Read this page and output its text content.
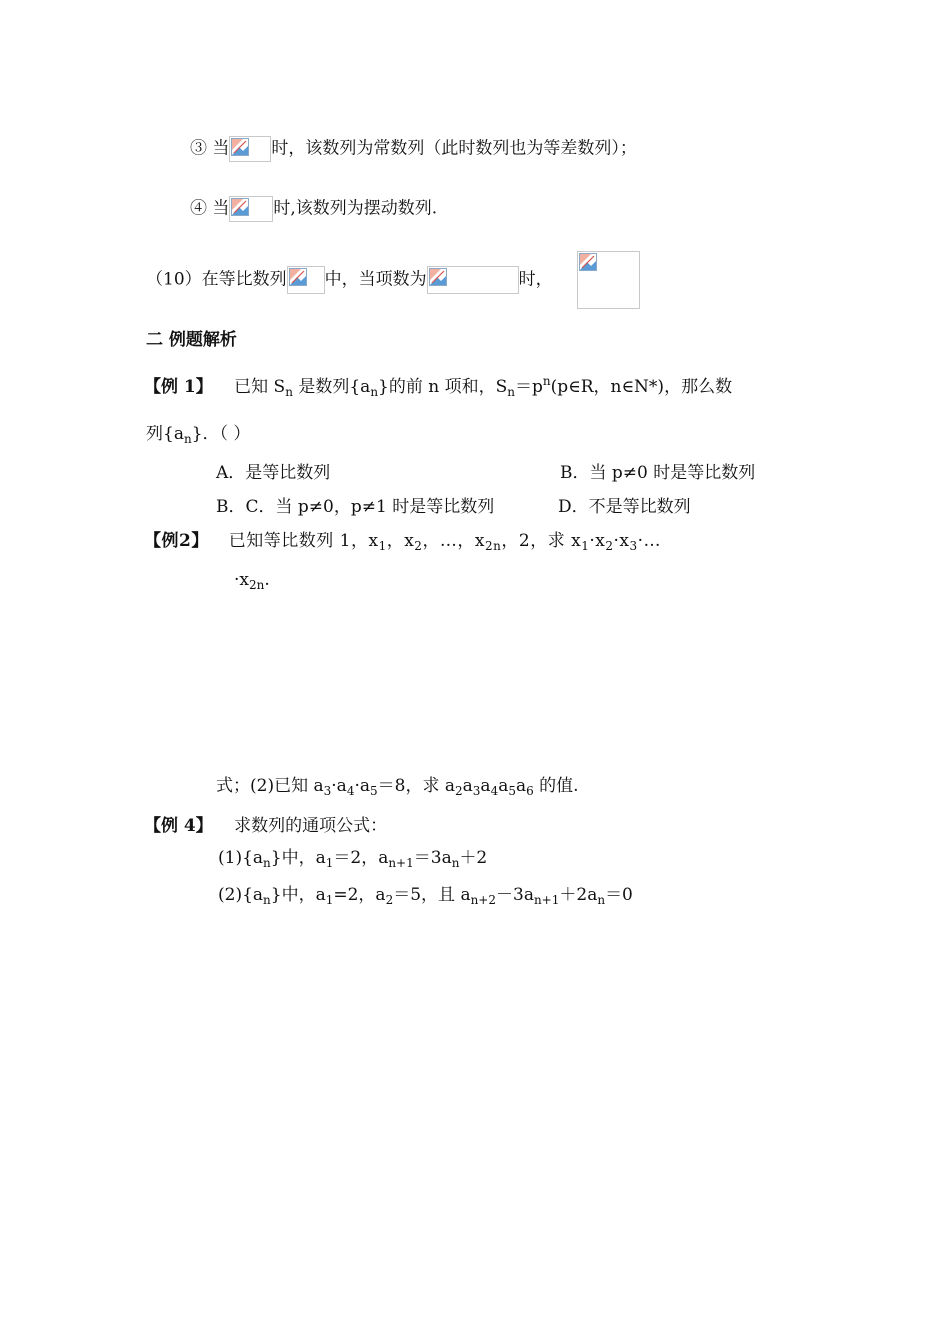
③ 当 时，该数列为常数列（此时数列也为等差数列）；
④ 当	时,该数列为摆动数列.
（10）在等比数列 中，当项数为	时，
二 例题解析
【例 1】 已知 $S_n$ 是数列$\{a_n\}$的前 n 项和，$S_n=p^n(p\in R$，n∈N*)，那么数
列$\{a_n\}$．（ ）
A．是等比数列	B．当 p≠0 时是等比数列
B．C．当 p≠0，p≠1 时是等比数列	D．不是等比数列
【例2】 已知等比数列 1，$x_1$，$x_2$，…，$x_{2n}$，2，求 $x_1\cdot x_2\cdot x_3\cdot\dots$
$\cdot x_{2n}$.
式；(2)已知 $a_3\cdot a_4\cdot a_5=8$，求 $a_2a_3a_4a_5a_6$ 的值.
【例 4】 求数列的通项公式：
$(1)\{a_n\}$中，$a_1=2$，$a_{n+1}=3a_n+2$
$(2)\{a_n\}$中，$a_1=2$，$a_2=5$，且 $a_{n+2}-3a_{n+1}+2a_n=0$
